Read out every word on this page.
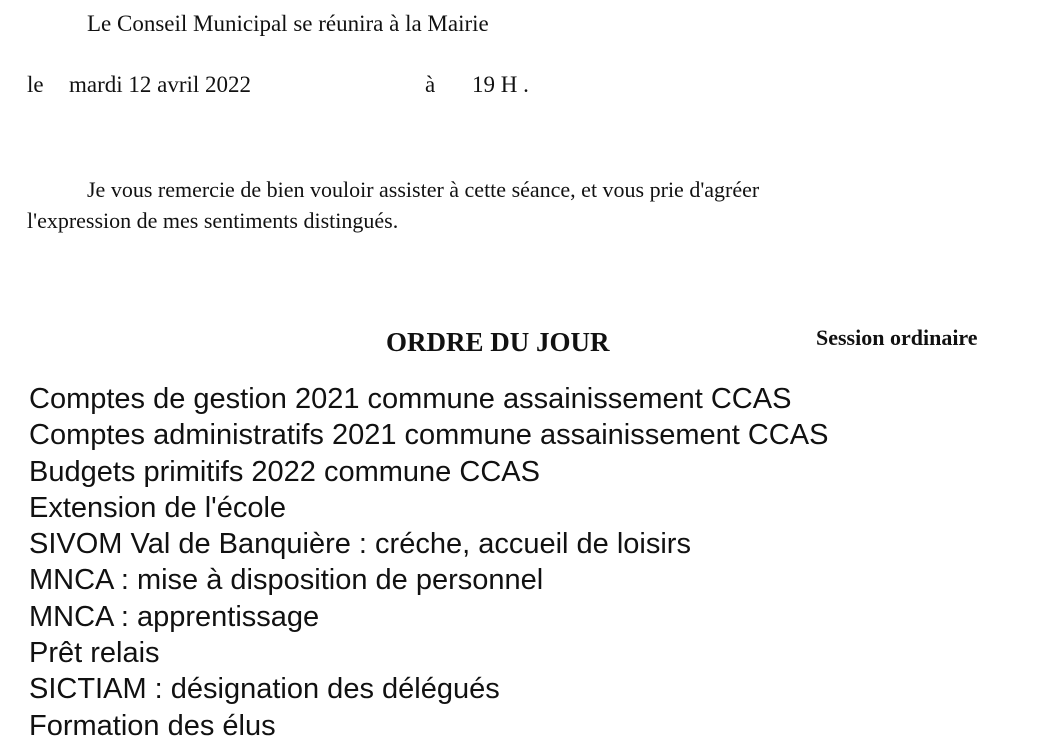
Le Conseil Municipal se réunira à la Mairie
le mardi 12 avril 2022	à 19 H .
Je vous remercie de bien vouloir assister à cette séance, et vous prie d'agréer
l'expression de mes sentiments distingués.
ORDRE DU JOUR	Session ordinaire
Comptes de gestion 2021 commune assainissement CCAS
Comptes administratifs 2021 commune assainissement CCAS
Budgets primitifs 2022 commune CCAS
Extension de l'école
SIVOM Val de Banquière : créche, accueil de loisirs
MNCA : mise à disposition de personnel
MNCA : apprentissage
Prêt relais
SICTIAM : désignation des délégués
Formation des élus
